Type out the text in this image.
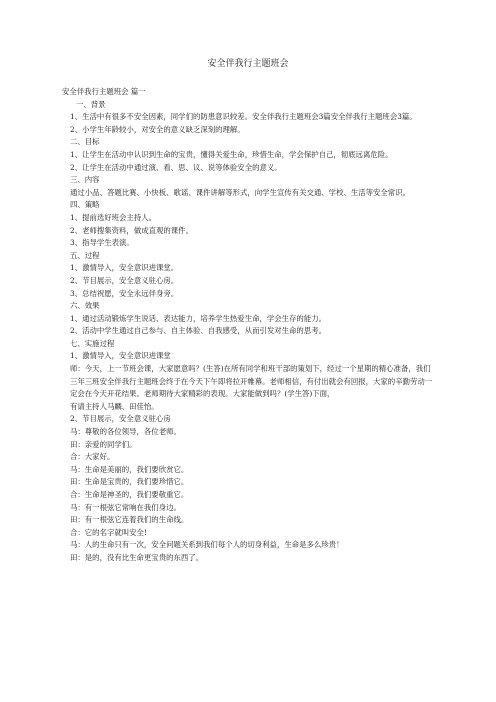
安全伴我行主题班会

安全伴我行主题班会 篇一

一、背景

1、生活中有很多不安全因素，同学们的防患意识较差。安全伴我行主题班会3篇安全伴我行主题班会3篇。

2、小学生年龄较小，对安全的意义缺乏深刻的理解。

二、目标

1、让学生在活动中认识到生命的宝贵，懂得关爱生命，珍惜生命，学会保护自己，彻底远离危险。

2、让学生在活动中通过演、看、思、议、说等体验安全的意义。

三、内容

通过小品、答题比赛、小快板、歌谣、课件讲解等形式，向学生宣传有关交通、学校、生活等安全常识。

四、策略

1、提前选好班会主持人。

2、老师搜集资料，做成直观的课件。

3、指导学生表演。

五、过程

1、激情导入，安全意识进课堂。

2、节目展示，安全意义驻心房。

3、总结祝愿，安全永远伴身旁。

六、效果

1、通过活动锻炼学生说话、表达能力，培养学生热爱生命，学会生存的能力。

2、活动中学生通过自己参与、自主体验、自我感受，从而引发对生命的思考。

七、实施过程

1、激情导入，安全意识进课堂

师：今天，上一节班会课，大家愿意吗？(生答)在所有同学和班干部的策划下，经过一个星期的精心准备，我们三年三班安全伴我行主题班会终于在今天下午即将拉开帷幕。老师相信，有付出就会有回报，大家的辛勤劳动一定会在今天开花结果。老师期待大家精彩的表现。大家能做到吗？(学生答)下面，

有请主持人马麟、田佳怡。

2、节目展示，安全意义驻心房

马：尊敬的各位领导，各位老师。

田：亲爱的同学们。

合：大家好。

马：生命是美丽的，我们要欣赏它。

田：生命是宝贵的，我们要珍惜它。

合：生命是神圣的，我们要敬重它。

马：有一根弦它常响在我们身边。

田：有一根弦它连着我们的生命线。

合：它的名字就叫安全!

马：人的生命只有一次，安全问题关系到我们每个人的切身利益，生命是多么珍贵！

田：是的，没有比生命更宝贵的东西了。
